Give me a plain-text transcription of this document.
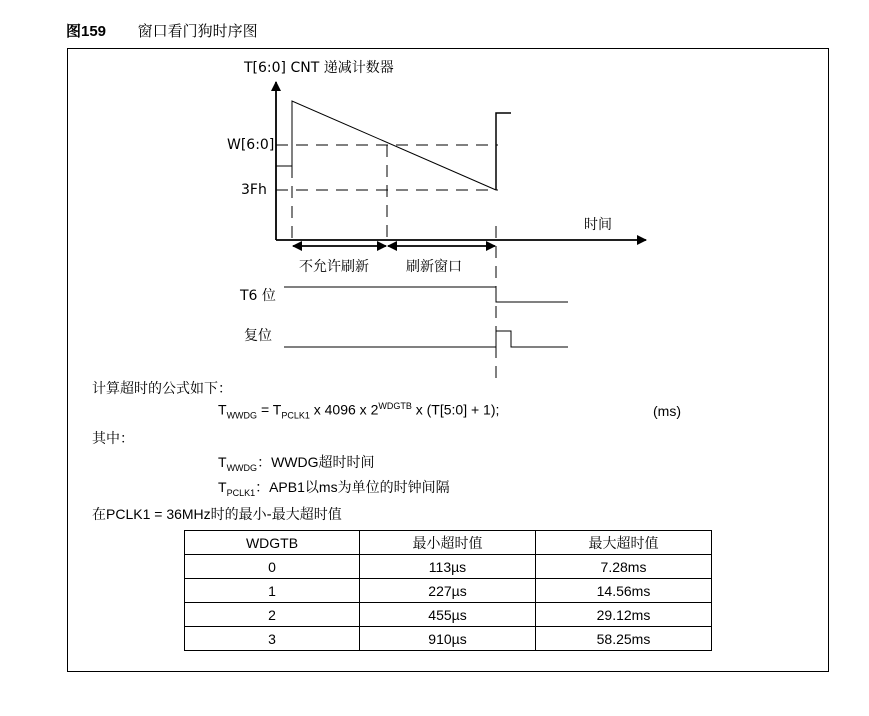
图159 窗口看门狗时序图
T[6:0] CNT 递减计数器
时间
W[6:0]
3Fh
不允许刷新	刷新窗口
T6 位
复位
计算超时的公式如下：
$T_{WWDG} = T_{PCLK1}$ x 4096 x $2^{WDGTB}$ x (T[5:0] + 1);	(ms)
其中：
$T_{WWDG}$：WWDG超时时间
$T_{PCLK1}$：APB1以ms为单位的时钟间隔
在PCLK1 = 36MHz时的最小-最大超时值
WDGTB	最小超时值	最大超时值
0	113µs	7.28ms
1	227µs	14.56ms
2	455µs	29.12ms
3	910µs	58.25ms
